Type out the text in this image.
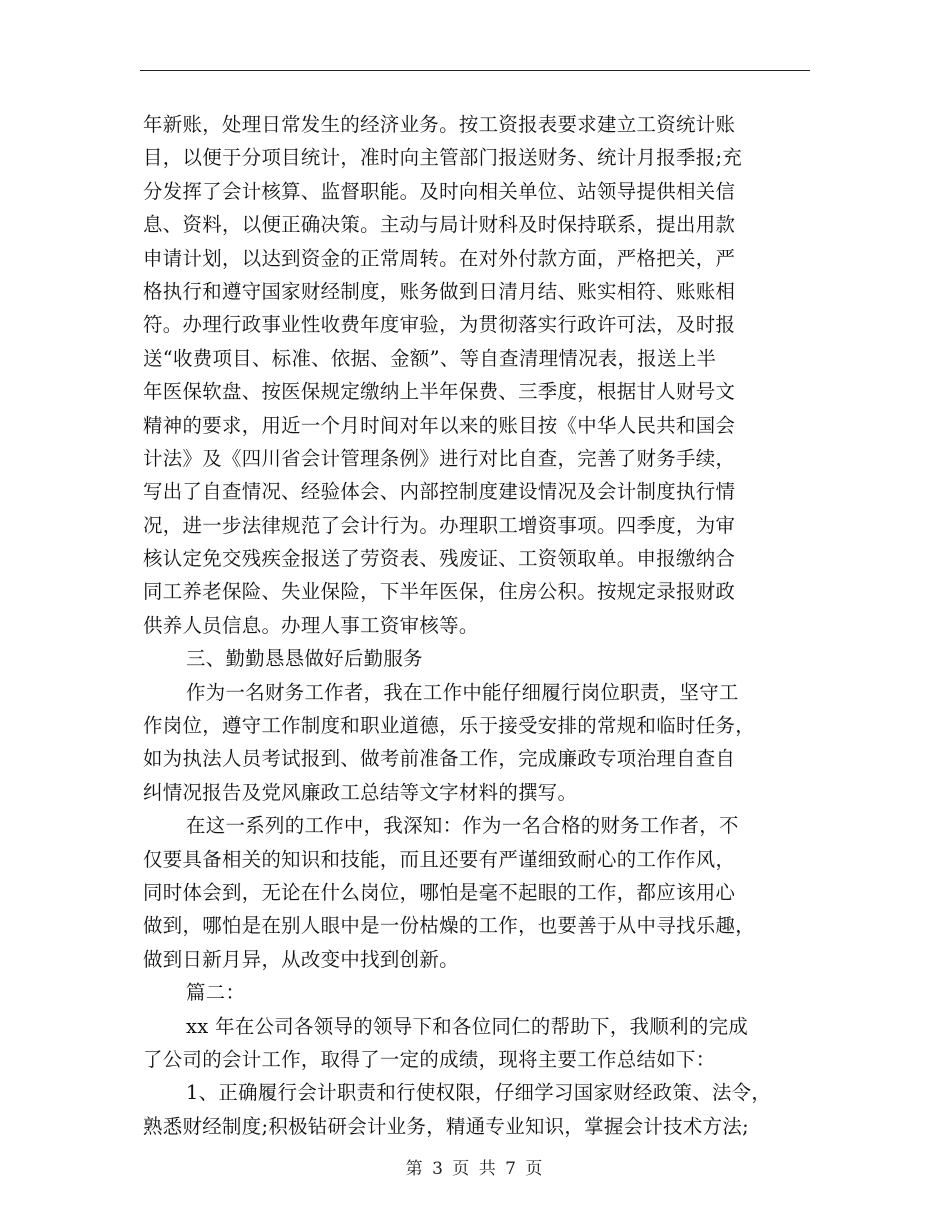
年新账，处理日常发生的经济业务。按工资报表要求建立工资统计账
目，以便于分项目统计，准时向主管部门报送财务、统计月报季报;充
分发挥了会计核算、监督职能。及时向相关单位、站领导提供相关信
息、资料，以便正确决策。主动与局计财科及时保持联系，提出用款
申请计划，以达到资金的正常周转。在对外付款方面，严格把关，严
格执行和遵守国家财经制度，账务做到日清月结、账实相符、账账相
符。办理行政事业性收费年度审验，为贯彻落实行政许可法，及时报
送“收费项目、标准、依据、金额”、等自查清理情况表，报送上半
年医保软盘、按医保规定缴纳上半年保费、三季度，根据甘人财号文
精神的要求，用近一个月时间对年以来的账目按《中华人民共和国会
计法》及《四川省会计管理条例》进行对比自查，完善了财务手续，
写出了自查情况、经验体会、内部控制度建设情况及会计制度执行情
况，进一步法律规范了会计行为。办理职工增资事项。四季度，为审
核认定免交残疾金报送了劳资表、残废证、工资领取单。申报缴纳合
同工养老保险、失业保险，下半年医保，住房公积。按规定录报财政
供养人员信息。办理人事工资审核等。
三、勤勤恳恳做好后勤服务
作为一名财务工作者，我在工作中能仔细履行岗位职责，坚守工
作岗位，遵守工作制度和职业道德，乐于接受安排的常规和临时任务，
如为执法人员考试报到、做考前准备工作，完成廉政专项治理自查自
纠情况报告及党风廉政工总结等文字材料的撰写。
在这一系列的工作中，我深知：作为一名合格的财务工作者，不
仅要具备相关的知识和技能，而且还要有严谨细致耐心的工作作风，
同时体会到，无论在什么岗位，哪怕是毫不起眼的工作，都应该用心
做到，哪怕是在别人眼中是一份枯燥的工作，也要善于从中寻找乐趣，
做到日新月异，从改变中找到创新。
篇二：
xx 年在公司各领导的领导下和各位同仁的帮助下，我顺利的完成
了公司的会计工作，取得了一定的成绩，现将主要工作总结如下：
1、正确履行会计职责和行使权限，仔细学习国家财经政策、法令，
熟悉财经制度;积极钻研会计业务，精通专业知识，掌握会计技术方法;
第 3 页 共 7 页
